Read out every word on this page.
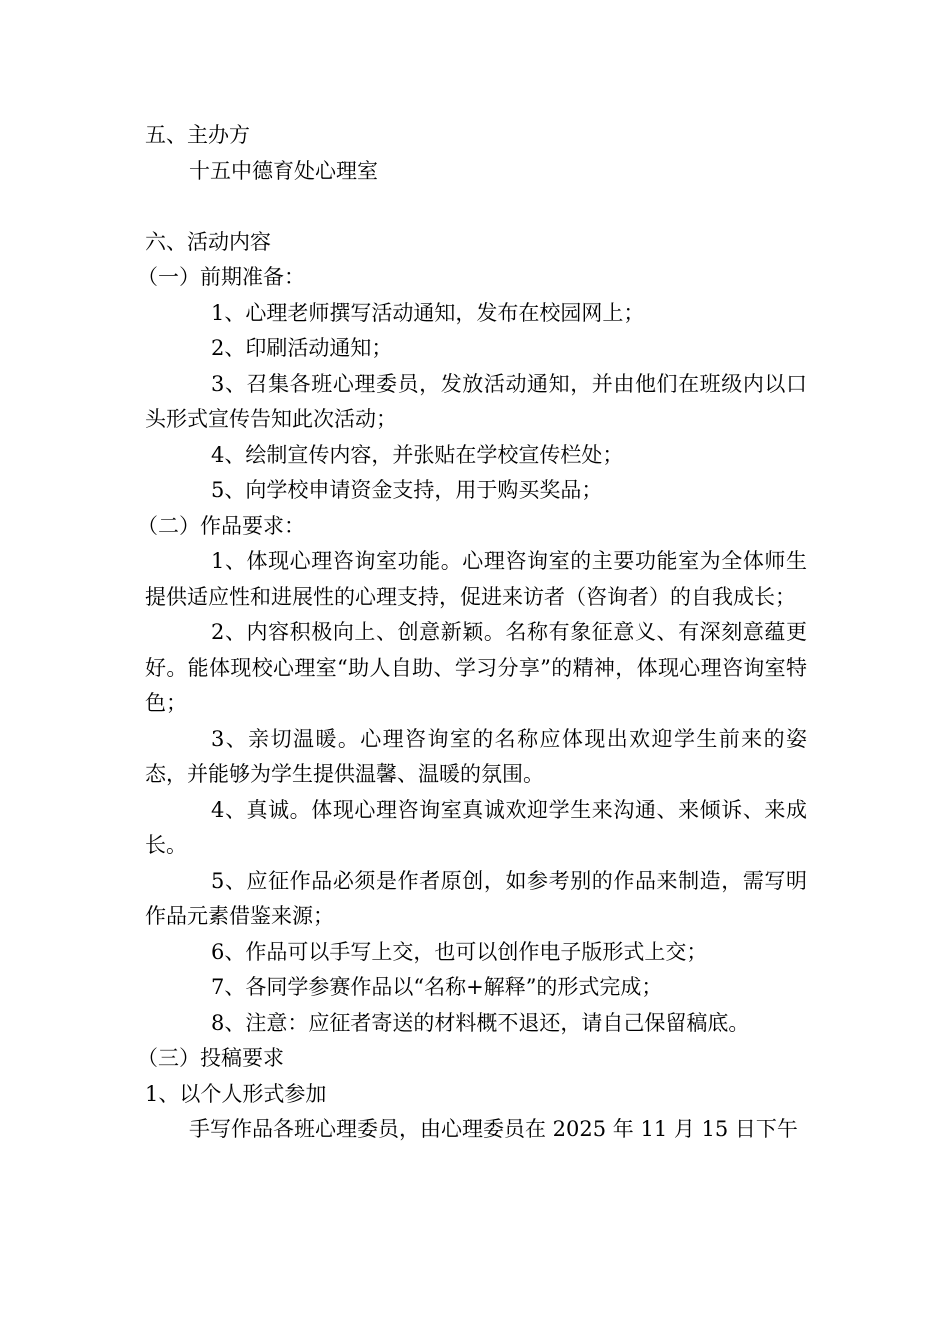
五、主办方

十五中德育处心理室

六、活动内容

（一）前期准备：

1、心理老师撰写活动通知，发布在校园网上；

2、印刷活动通知；

3、召集各班心理委员，发放活动通知，并由他们在班级内以口头形式宣传告知此次活动；

4、绘制宣传内容，并张贴在学校宣传栏处；

5、向学校申请资金支持，用于购买奖品；

（二）作品要求：

1、体现心理咨询室功能。心理咨询室的主要功能室为全体师生提供适应性和进展性的心理支持，促进来访者（咨询者）的自我成长；

2、内容积极向上、创意新颖。名称有象征意义、有深刻意蕴更好。能体现校心理室“助人自助、学习分享”的精神，体现心理咨询室特色；

3、亲切温暖。心理咨询室的名称应体现出欢迎学生前来的姿态，并能够为学生提供温馨、温暖的氛围。

4、真诚。体现心理咨询室真诚欢迎学生来沟通、来倾诉、来成长。

5、应征作品必须是作者原创，如参考别的作品来制造，需写明作品元素借鉴来源；

6、作品可以手写上交，也可以创作电子版形式上交；

7、各同学参赛作品以“名称+解释”的形式完成；

8、注意：应征者寄送的材料概不退还，请自己保留稿底。

（三）投稿要求

1、以个人形式参加

手写作品各班心理委员，由心理委员在 2025 年 11 月 15 日下午
